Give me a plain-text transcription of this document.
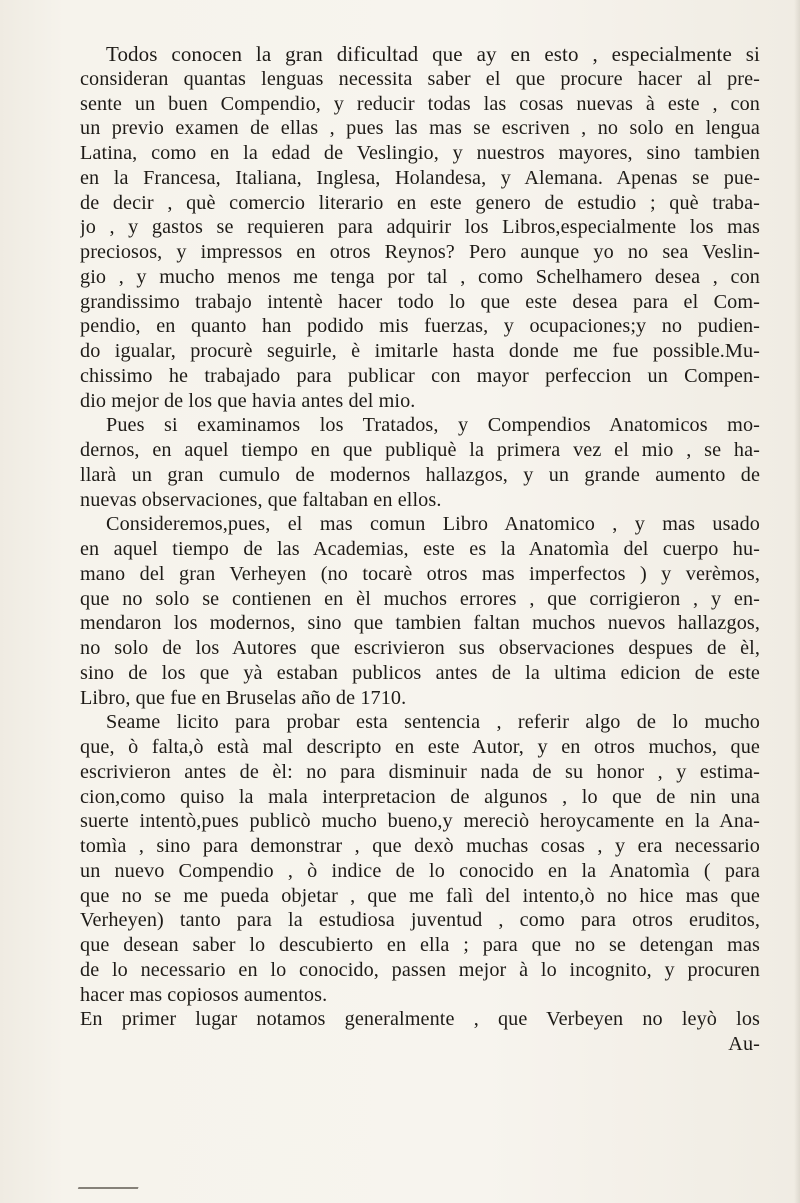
Todos conocen la gran dificultad que ay en esto , especialmente si
consideran quantas lenguas necessita saber el que procure hacer al pre-
sente un buen Compendio, y reducir todas las cosas nuevas à este , con
un previo examen de ellas , pues las mas se escriven , no solo en lengua
Latina, como en la edad de Veslingio, y nuestros mayores, sino tambien
en la Francesa, Italiana, Inglesa, Holandesa, y Alemana. Apenas se pue-
de decir , què comercio literario en este genero de estudio ; què traba-
jo , y gastos se requieren para adquirir los Libros,especialmente los mas
preciosos, y impressos en otros Reynos? Pero aunque yo no sea Veslin-
gio , y mucho menos me tenga por tal , como Schelhamero desea , con
grandissimo trabajo intentè hacer todo lo que este desea para el Com-
pendio, en quanto han podido mis fuerzas, y ocupaciones;y no pudien-
do igualar, procurè seguirle, è imitarle hasta donde me fue possible.Mu-
chissimo he trabajado para publicar con mayor perfeccion un Compen-
dio mejor de los que havia antes del mio.
Pues si examinamos los Tratados, y Compendios Anatomicos mo-
dernos, en aquel tiempo en que publiquè la primera vez el mio , se ha-
llarà un gran cumulo de modernos hallazgos, y un grande aumento de
nuevas observaciones, que faltaban en ellos.
Consideremos,pues, el mas comun Libro Anatomico , y mas usado
en aquel tiempo de las Academias, este es la Anatomìa del cuerpo hu-
mano del gran Verheyen (no tocarè otros mas imperfectos ) y verèmos,
que no solo se contienen en èl muchos errores , que corrigieron , y en-
mendaron los modernos, sino que tambien faltan muchos nuevos hallazgos,
no solo de los Autores que escrivieron sus observaciones despues de èl,
sino de los que yà estaban publicos antes de la ultima edicion de este
Libro, que fue en Bruselas año de 1710.
Seame licito para probar esta sentencia , referir algo de lo mucho
que, ò falta,ò està mal descripto en este Autor, y en otros muchos, que
escrivieron antes de èl: no para disminuir nada de su honor , y estima-
cion,como quiso la mala interpretacion de algunos , lo que de nin una
suerte intentò,pues publicò mucho bueno,y mereciò heroycamente en la Ana-
tomìa , sino para demonstrar , que dexò muchas cosas , y era necessario
un nuevo Compendio , ò indice de lo conocido en la Anatomìa ( para
que no se me pueda objetar , que me falì del intento,ò no hice mas que
Verheyen) tanto para la estudiosa juventud , como para otros eruditos,
que desean saber lo descubierto en ella ; para que no se detengan mas
de lo necessario en lo conocido, passen mejor à lo incognito, y procuren
hacer mas copiosos aumentos.
En primer lugar notamos generalmente , que Verbeyen no leyò los
Au-
